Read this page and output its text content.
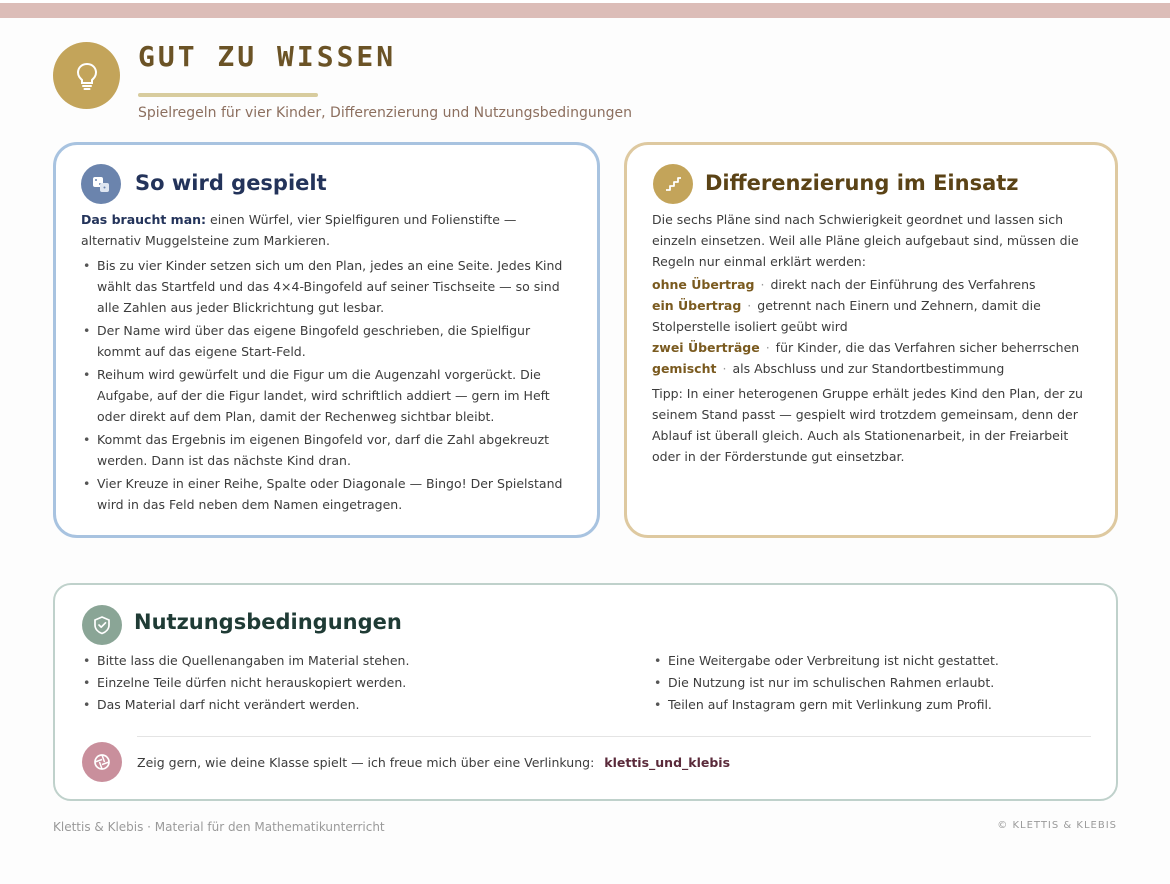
GUT ZU WISSEN
Spielregeln für vier Kinder, Differenzierung und Nutzungsbedingungen
So wird gespielt
Das braucht man: einen Würfel, vier Spielfiguren und Folienstifte — alternativ Muggelsteine zum Markieren.
• Bis zu vier Kinder setzen sich um den Plan, jedes an eine Seite. Jedes Kind wählt das Startfeld und das 4×4-Bingofeld auf seiner Tischseite — so sind alle Zahlen aus jeder Blickrichtung gut lesbar.
• Der Name wird über das eigene Bingofeld geschrieben, die Spielfigur kommt auf das eigene Start-Feld.
• Reihum wird gewürfelt und die Figur um die Augenzahl vorgerückt. Die Aufgabe, auf der die Figur landet, wird schriftlich addiert — gern im Heft oder direkt auf dem Plan, damit der Rechenweg sichtbar bleibt.
• Kommt das Ergebnis im eigenen Bingofeld vor, darf die Zahl abgekreuzt werden. Dann ist das nächste Kind dran.
• Vier Kreuze in einer Reihe, Spalte oder Diagonale — Bingo! Der Spielstand wird in das Feld neben dem Namen eingetragen.
Differenzierung im Einsatz

Die sechs Pläne sind nach Schwierigkeit geordnet und lassen sich einzeln einsetzen. Weil alle Pläne gleich aufgebaut sind, müssen die Regeln nur einmal erklärt werden:

ohne Übertrag · direkt nach der Einführung des Verfahrens

ein Übertrag · getrennt nach Einern und Zehnern, damit die Stolperstelle isoliert geübt wird

zwei Überträge · für Kinder, die das Verfahren sicher beherrschen

gemischt · als Abschluss und zur Standortbestimmung

Tipp: In einer heterogenen Gruppe erhält jedes Kind den Plan, der zu seinem Stand passt — gespielt wird trotzdem gemeinsam, denn der Ablauf ist überall gleich. Auch als Stationenarbeit, in der Freiarbeit oder in der Förderstunde gut einsetzbar.

Nutzungsbedingungen
• Bitte lass die Quellenangaben im Material stehen.
• Einzelne Teile dürfen nicht herauskopiert werden.
• Das Material darf nicht verändert werden.
• Eine Weitergabe oder Verbreitung ist nicht gestattet.
• Die Nutzung ist nur im schulischen Rahmen erlaubt.
• Teilen auf Instagram gern mit Verlinkung zum Profil.
Zeig gern, wie deine Klasse spielt — ich freue mich über eine Verlinkung: klettis_und_klebis
Klettis & Klebis · Material für den Mathematikunterricht	© KLETTIS & KLEBIS
